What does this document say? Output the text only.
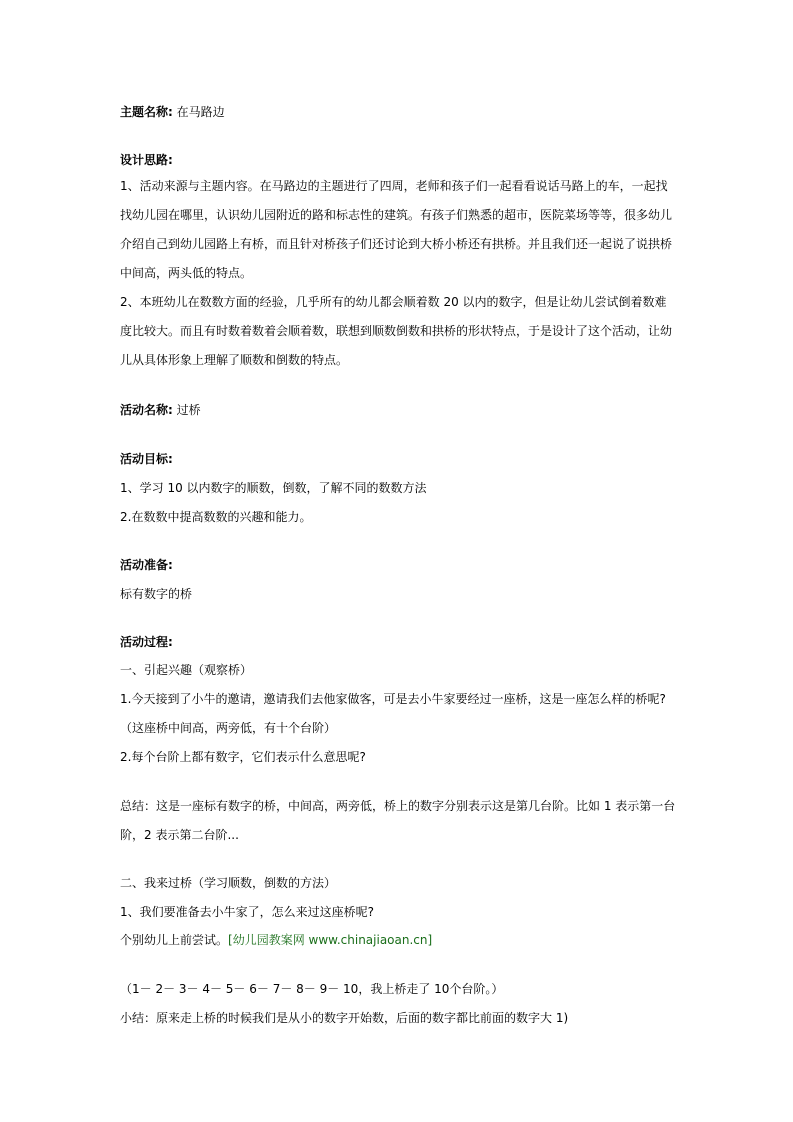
主题名称: 在马路边
设计思路:
1、活动来源与主题内容。在马路边的主题进行了四周，老师和孩子们一起看看说话马路上的车，一起找找幼儿园在哪里，认识幼儿园附近的路和标志性的建筑。有孩子们熟悉的超市，医院菜场等等，很多幼儿介绍自己到幼儿园路上有桥，而且针对桥孩子们还讨论到大桥小桥还有拱桥。并且我们还一起说了说拱桥中间高，两头低的特点。
2、本班幼儿在数数方面的经验，几乎所有的幼儿都会顺着数 20 以内的数字，但是让幼儿尝试倒着数难度比较大。而且有时数着数着会顺着数，联想到顺数倒数和拱桥的形状特点，于是设计了这个活动，让幼儿从具体形象上理解了顺数和倒数的特点。
活动名称: 过桥
活动目标:
1、学习 10 以内数字的顺数，倒数，了解不同的数数方法
2.在数数中提高数数的兴趣和能力。
活动准备:
标有数字的桥
活动过程:
一、引起兴趣（观察桥）
1.今天接到了小牛的邀请，邀请我们去他家做客，可是去小牛家要经过一座桥，这是一座怎么样的桥呢?
（这座桥中间高，两旁低，有十个台阶）
2.每个台阶上都有数字，它们表示什么意思呢?
总结：这是一座标有数字的桥，中间高，两旁低，桥上的数字分别表示这是第几台阶。比如 1 表示第一台阶，2 表示第二台阶...
二、我来过桥（学习顺数，倒数的方法）
1、我们要准备去小牛家了，怎么来过这座桥呢?
个别幼儿上前尝试。[幼儿园教案网 www.chinajiaoan.cn]
（1－ 2－ 3－ 4－ 5－ 6－ 7－ 8－ 9－ 10，我上桥走了 10个台阶。）
小结：原来走上桥的时候我们是从小的数字开始数，后面的数字都比前面的数字大 1)
